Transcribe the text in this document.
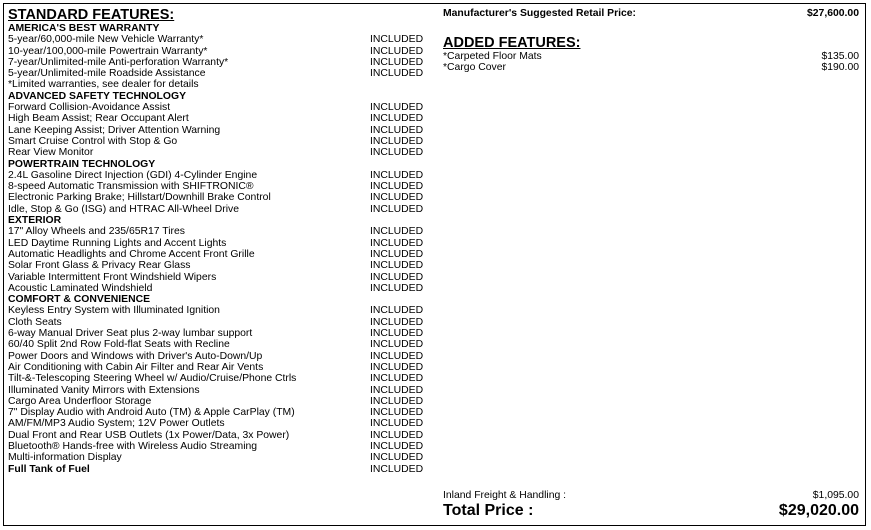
STANDARD FEATURES:
AMERICA'S BEST WARRANTY
5-year/60,000-mile New Vehicle Warranty*	INCLUDED
10-year/100,000-mile Powertrain Warranty*	INCLUDED
7-year/Unlimited-mile Anti-perforation Warranty*	INCLUDED
5-year/Unlimited-mile Roadside Assistance	INCLUDED
*Limited warranties, see dealer for details
ADVANCED SAFETY TECHNOLOGY
Forward Collision-Avoidance Assist	INCLUDED
High Beam Assist; Rear Occupant Alert	INCLUDED
Lane Keeping Assist; Driver Attention Warning	INCLUDED
Smart Cruise Control with Stop & Go	INCLUDED
Rear View Monitor	INCLUDED
POWERTRAIN TECHNOLOGY
2.4L Gasoline Direct Injection (GDI) 4-Cylinder Engine	INCLUDED
8-speed Automatic Transmission with SHIFTRONIC®	INCLUDED
Electronic Parking Brake; Hillstart/Downhill Brake Control	INCLUDED
Idle, Stop & Go (ISG) and HTRAC All-Wheel Drive	INCLUDED
EXTERIOR
17" Alloy Wheels and 235/65R17 Tires	INCLUDED
LED Daytime Running Lights and Accent Lights	INCLUDED
Automatic Headlights and Chrome Accent Front Grille	INCLUDED
Solar Front Glass & Privacy Rear Glass	INCLUDED
Variable Intermittent Front Windshield Wipers	INCLUDED
Acoustic Laminated Windshield	INCLUDED
COMFORT & CONVENIENCE
Keyless Entry System with Illuminated Ignition	INCLUDED
Cloth Seats	INCLUDED
6-way Manual Driver Seat plus 2-way lumbar support	INCLUDED
60/40 Split 2nd Row Fold-flat Seats with Recline	INCLUDED
Power Doors and Windows with Driver's Auto-Down/Up	INCLUDED
Air Conditioning with Cabin Air Filter and Rear Air Vents	INCLUDED
Tilt-&-Telescoping Steering Wheel w/ Audio/Cruise/Phone Ctrls	INCLUDED
Illuminated Vanity Mirrors with Extensions	INCLUDED
Cargo Area Underfloor Storage	INCLUDED
7" Display Audio with Android Auto (TM) & Apple CarPlay (TM)	INCLUDED
AM/FM/MP3 Audio System; 12V Power Outlets	INCLUDED
Dual Front and Rear USB Outlets (1x Power/Data, 3x Power)	INCLUDED
Bluetooth® Hands-free with Wireless Audio Streaming	INCLUDED
Multi-information Display	INCLUDED
Full Tank of Fuel	INCLUDED
Manufacturer's Suggested Retail Price:	$27,600.00
ADDED FEATURES:
*Carpeted Floor Mats	$135.00
*Cargo Cover	$190.00
Inland Freight & Handling :	$1,095.00
Total Price :	$29,020.00
